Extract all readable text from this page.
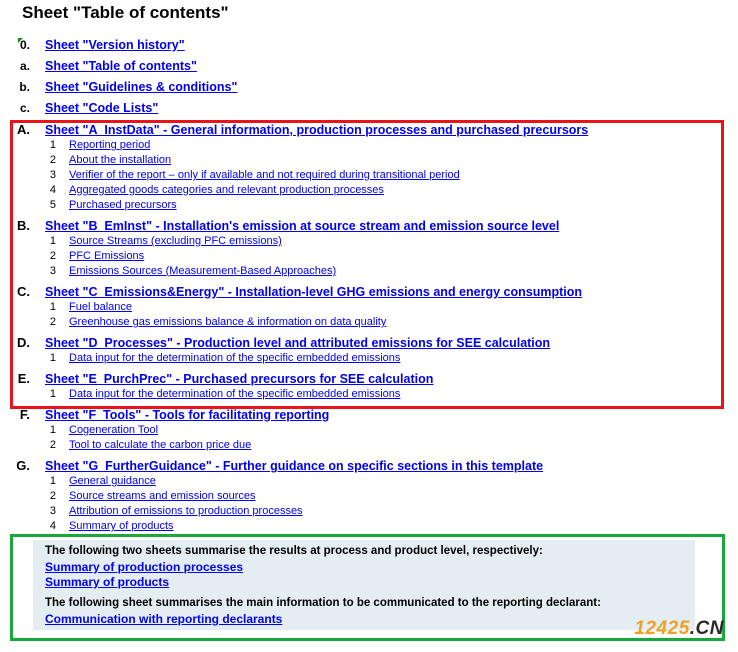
Sheet "Table of contents"
0. Sheet "Version history"
a. Sheet "Table of contents"
b. Sheet "Guidelines & conditions"
c. Sheet "Code Lists"
A. Sheet "A_InstData" - General information, production processes and purchased precursors
1 Reporting period
2 About the installation
3 Verifier of the report – only if available and not required during transitional period
4 Aggregated goods categories and relevant production processes
5 Purchased precursors
B. Sheet "B_EmInst" - Installation's emission at source stream and emission source level
1 Source Streams (excluding PFC emissions)
2 PFC Emissions
3 Emissions Sources (Measurement-Based Approaches)
C. Sheet "C_Emissions&Energy" - Installation-level GHG emissions and energy consumption
1 Fuel balance
2 Greenhouse gas emissions balance & information on data quality
D. Sheet "D_Processes" - Production level and attributed emissions for SEE calculation
1 Data input for the determination of the specific embedded emissions
E. Sheet "E_PurchPrec" - Purchased precursors for SEE calculation
1 Data input for the determination of the specific embedded emissions
F. Sheet "F_Tools" - Tools for facilitating reporting
1 Cogeneration Tool
2 Tool to calculate the carbon price due
G. Sheet "G_FurtherGuidance" - Further guidance on specific sections in this template
1 General guidance
2 Source streams and emission sources
3 Attribution of emissions to production processes
4 Summary of products
The following two sheets summarise the results at process and product level, respectively:
Summary of production processes
Summary of products
The following sheet summarises the main information to be communicated to the reporting declarant:
Communication with reporting declarants	12425.CN
